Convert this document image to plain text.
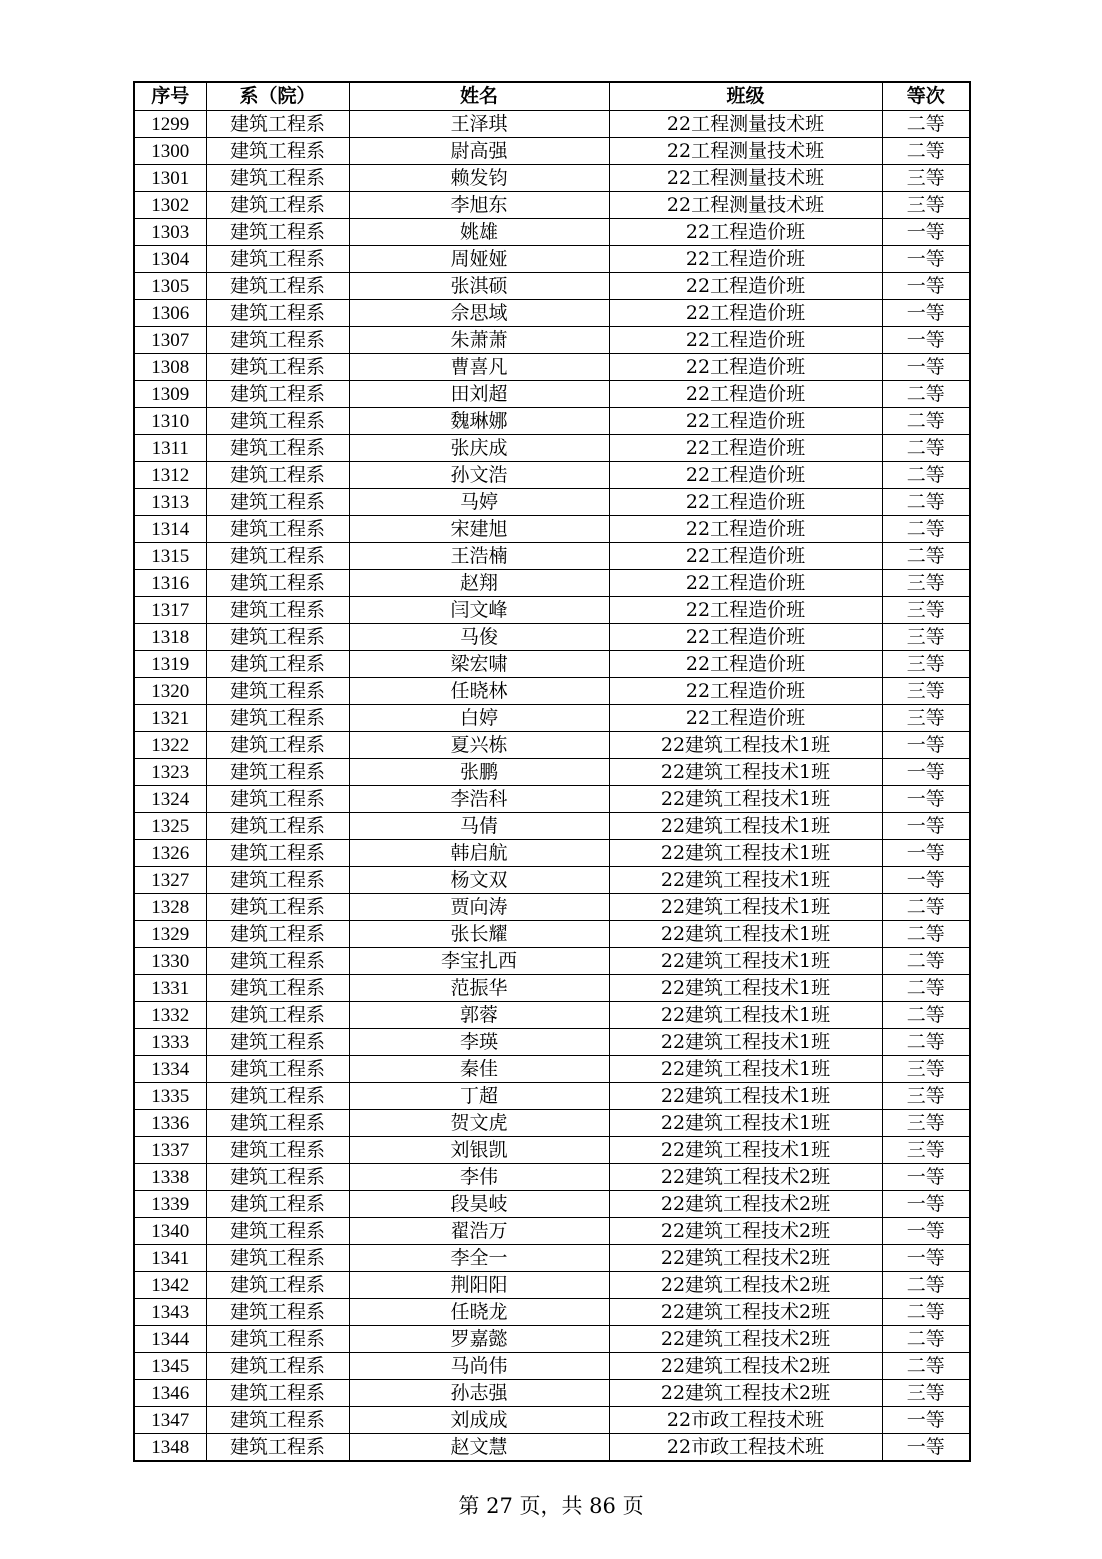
序号	系（院）	姓名	班级	等次
1299	建筑工程系	王泽琪	22工程测量技术班	二等
1300	建筑工程系	尉高强	22工程测量技术班	二等
1301	建筑工程系	赖发钧	22工程测量技术班	三等
1302	建筑工程系	李旭东	22工程测量技术班	三等
1303	建筑工程系	姚雄	22工程造价班	一等
1304	建筑工程系	周娅娅	22工程造价班	一等
1305	建筑工程系	张淇硕	22工程造价班	一等
1306	建筑工程系	佘思域	22工程造价班	一等
1307	建筑工程系	朱萧萧	22工程造价班	一等
1308	建筑工程系	曹喜凡	22工程造价班	一等
1309	建筑工程系	田刘超	22工程造价班	二等
1310	建筑工程系	魏琳娜	22工程造价班	二等
1311	建筑工程系	张庆成	22工程造价班	二等
1312	建筑工程系	孙文浩	22工程造价班	二等
1313	建筑工程系	马婷	22工程造价班	二等
1314	建筑工程系	宋建旭	22工程造价班	二等
1315	建筑工程系	王浩楠	22工程造价班	二等
1316	建筑工程系	赵翔	22工程造价班	三等
1317	建筑工程系	闫文峰	22工程造价班	三等
1318	建筑工程系	马俊	22工程造价班	三等
1319	建筑工程系	梁宏啸	22工程造价班	三等
1320	建筑工程系	任晓林	22工程造价班	三等
1321	建筑工程系	白婷	22工程造价班	三等
1322	建筑工程系	夏兴栋	22建筑工程技术1班	一等
1323	建筑工程系	张鹏	22建筑工程技术1班	一等
1324	建筑工程系	李浩科	22建筑工程技术1班	一等
1325	建筑工程系	马倩	22建筑工程技术1班	一等
1326	建筑工程系	韩启航	22建筑工程技术1班	一等
1327	建筑工程系	杨文双	22建筑工程技术1班	一等
1328	建筑工程系	贾向涛	22建筑工程技术1班	二等
1329	建筑工程系	张长耀	22建筑工程技术1班	二等
1330	建筑工程系	李宝扎西	22建筑工程技术1班	二等
1331	建筑工程系	范振华	22建筑工程技术1班	二等
1332	建筑工程系	郭蓉	22建筑工程技术1班	二等
1333	建筑工程系	李瑛	22建筑工程技术1班	二等
1334	建筑工程系	秦佳	22建筑工程技术1班	三等
1335	建筑工程系	丁超	22建筑工程技术1班	三等
1336	建筑工程系	贺文虎	22建筑工程技术1班	三等
1337	建筑工程系	刘银凯	22建筑工程技术1班	三等
1338	建筑工程系	李伟	22建筑工程技术2班	一等
1339	建筑工程系	段昊岐	22建筑工程技术2班	一等
1340	建筑工程系	翟浩万	22建筑工程技术2班	一等
1341	建筑工程系	李全一	22建筑工程技术2班	一等
1342	建筑工程系	荆阳阳	22建筑工程技术2班	二等
1343	建筑工程系	任晓龙	22建筑工程技术2班	二等
1344	建筑工程系	罗嘉懿	22建筑工程技术2班	二等
1345	建筑工程系	马尚伟	22建筑工程技术2班	二等
1346	建筑工程系	孙志强	22建筑工程技术2班	三等
1347	建筑工程系	刘成成	22市政工程技术班	一等
1348	建筑工程系	赵文慧	22市政工程技术班	一等
第 27 页，共 86 页
